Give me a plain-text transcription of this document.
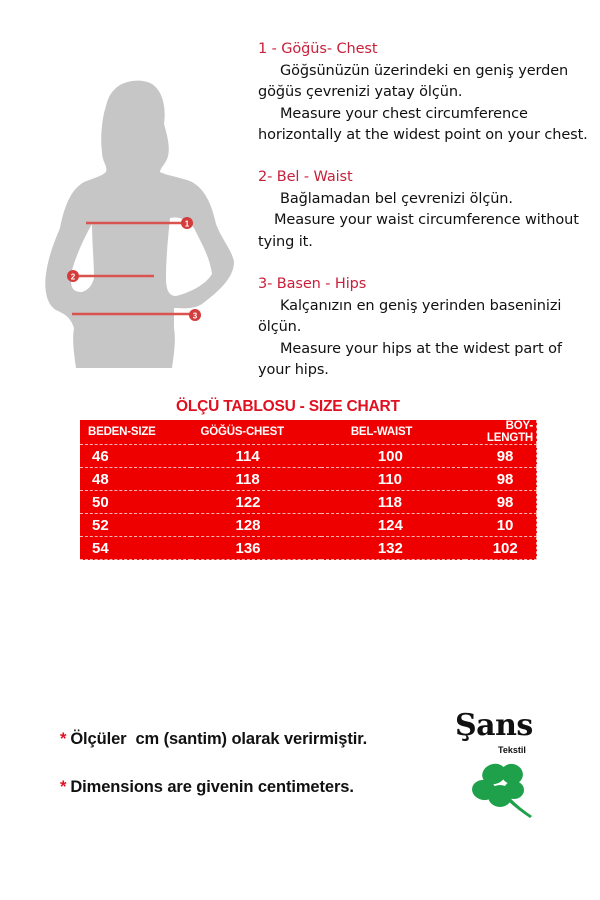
1
2
3
1 - Göğüs- Chest
Göğsünüzün üzerindeki en geniş yerden
göğüs çevrenizi yatay ölçün.
Measure your chest circumference
horizontally at the widest point on your chest.
2- Bel - Waist
Bağlamadan bel çevrenizi ölçün.
Measure your waist circumference without
tying it.
3- Basen - Hips
Kalçanızın en geniş yerinden baseninizi
ölçün.
Measure your hips at the widest part of
your hips.
ÖLÇÜ TABLOSU - SIZE CHART
BEDEN-SIZE	GÖĞÜS-CHEST	BEL-WAIST	BOY-LENGTH
46	114	100	98
48	118	110	98
50	122	118	98
52	128	124	10
54	136	132	102
* Ölçüler  cm (santim) olarak verirmiştir.
* Dimensions are givenin centimeters.
Şans
Tekstil
